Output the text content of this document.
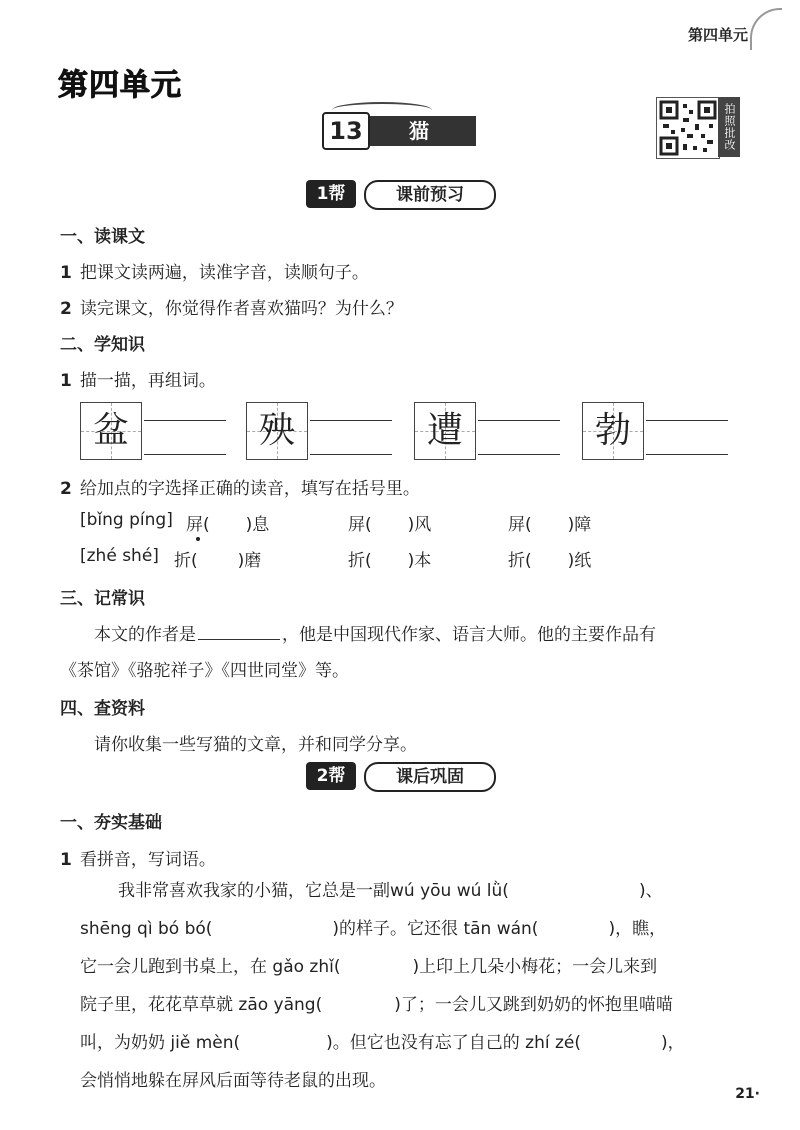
第四单元
第四单元
13	猫	拍照批改
1帮	课前预习
一、读课文
1 把课文读两遍，读准字音，读顺句子。
2 读完课文，你觉得作者喜欢猫吗？为什么？
二、学知识
1 描一描，再组词。
盆	殃	遭	勃
2 给加点的字选择正确的读音，填写在括号里。
[bǐng píng] 屏( )息	屏( )风	屏( )障
[zhé shé] 折( )磨	折( )本	折( )纸
三、记常识
本文的作者是	，他是中国现代作家、语言大师。他的主要作品有
《茶馆》《骆驼祥子》《四世同堂》等。
四、查资料
请你收集一些写猫的文章，并和同学分享。
2帮	课后巩固
一、夯实基础
1 看拼音，写词语。
我非常喜欢我家的小猫，它总是一副wú yōu wú lǜ(	)、
shēng qì bó bó(	)的样子。它还很 tān wán(	)，瞧，
它一会儿跑到书桌上，在 gǎo zhǐ(	)上印上几朵小梅花；一会儿来到
院子里，花花草草就 zāo yāng(	)了；一会儿又跳到奶奶的怀抱里喵喵
叫，为奶奶 jiě mèn(	)。但它也没有忘了自己的 zhí zé(	)，
会悄悄地躲在屏风后面等待老鼠的出现。
21·
